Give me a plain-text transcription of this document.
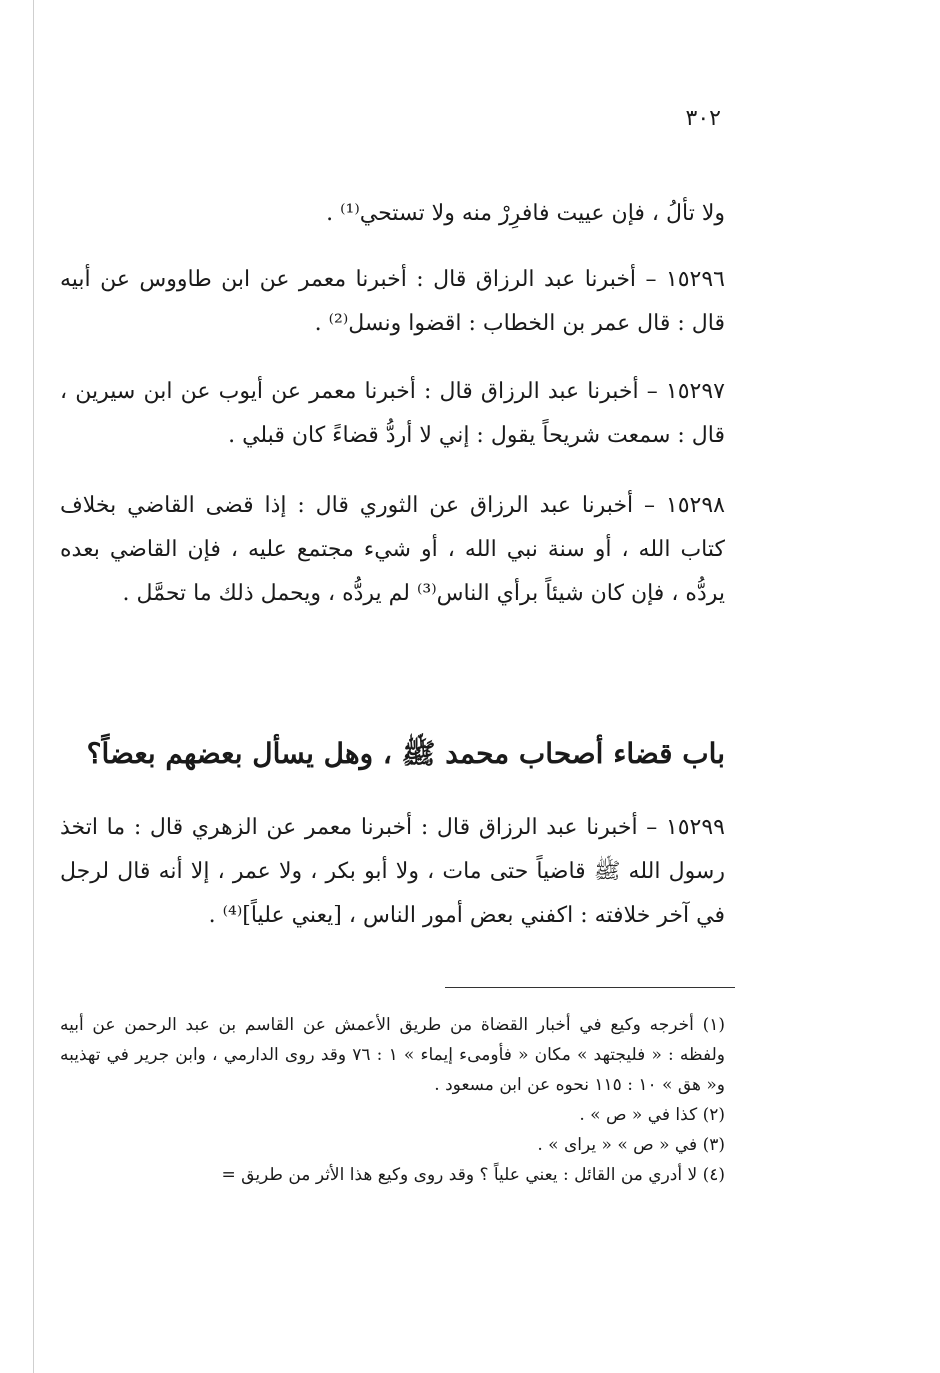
٣٠٢

ولا تألُ ، فإن عييت فافرِرْ منه ولا تستحي⁽¹⁾ .

١٥٢٩٦ – أخبرنا عبد الرزاق قال : أخبرنا معمر عن ابن طاووس عن أبيه قال : قال عمر بن الخطاب : اقضوا ونسل⁽²⁾ .

١٥٢٩٧ – أخبرنا عبد الرزاق قال : أخبرنا معمر عن أيوب عن ابن سيرين ، قال : سمعت شريحاً يقول : إني لا أردُّ قضاءً كان قبلي .

١٥٢٩٨ – أخبرنا عبد الرزاق عن الثوري قال : إذا قضى القاضي بخلاف كتاب الله ، أو سنة نبي الله ، أو شيء مجتمع عليه ، فإن القاضي بعده يردُّه ، فإن كان شيئاً برأي الناس⁽³⁾ لم يردُّه ، ويحمل ذلك ما تحمَّل .

باب قضاء أصحاب محمد ﷺ ، وهل يسأل بعضهم بعضاً؟

١٥٢٩٩ – أخبرنا عبد الرزاق قال : أخبرنا معمر عن الزهري قال : ما اتخذ رسول الله ﷺ قاضياً حتى مات ، ولا أبو بكر ، ولا عمر ، إلا أنه قال لرجل في آخر خلافته : اكفني بعض أمور الناس ، [يعني علياً]⁽⁴⁾ .

(١) أخرجه وكيع في أخبار القضاة من طريق الأعمش عن القاسم بن عبد الرحمن عن أبيه ولفظه : « فليجتهد » مكان « فأومىء إيماء » ١ : ٧٦ وقد روى الدارمي ، وابن جرير في تهذيبه و« هق » ١٠ : ١١٥ نحوه عن ابن مسعود .

(٢) كذا في « ص » .

(٣) في « ص » « يرای » .

(٤) لا أدري من القائل : يعني علياً ؟ وقد روى وكيع هذا الأثر من طريق =
